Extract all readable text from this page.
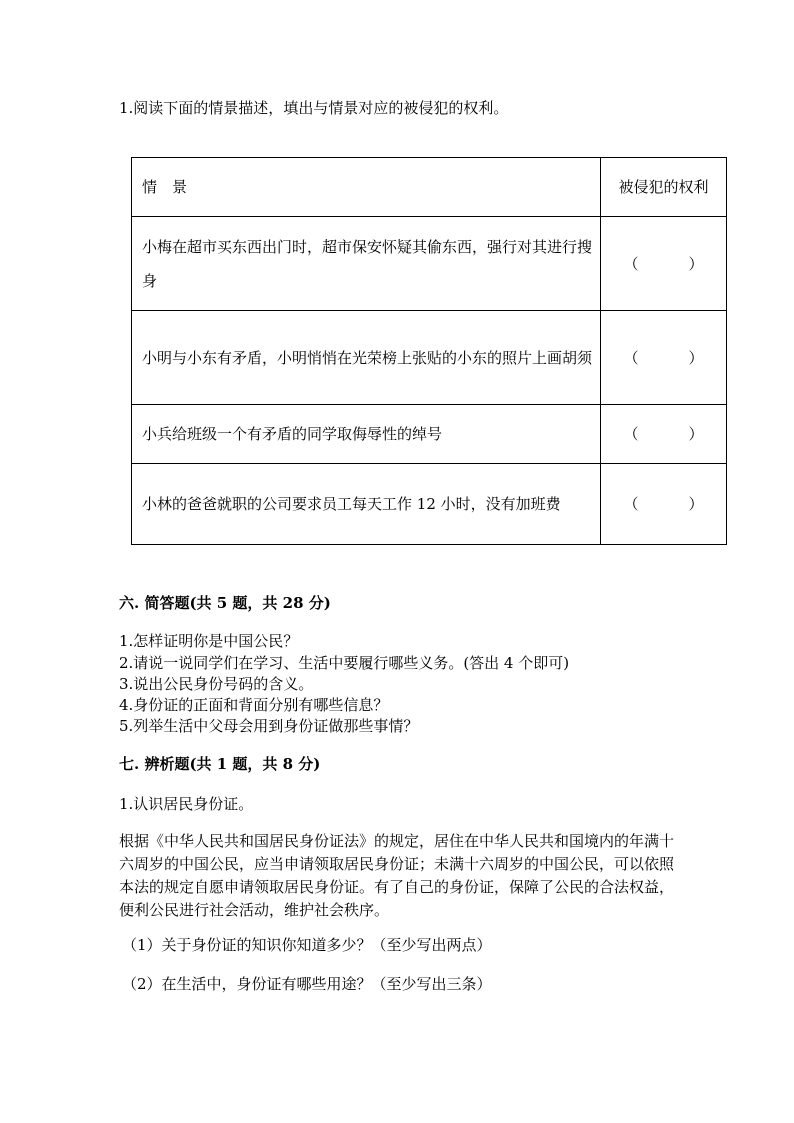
1.阅读下面的情景描述，填出与情景对应的被侵犯的权利。
情　景	被侵犯的权利
小梅在超市买东西出门时，超市保安怀疑其偷东西，强行对其进行搜身	（ ）

小明与小东有矛盾，小明悄悄在光荣榜上张贴的小东的照片上画胡须	（ ）

小兵给班级一个有矛盾的同学取侮辱性的绰号	（ ）

小林的爸爸就职的公司要求员工每天工作 12 小时，没有加班费	（ ）
六. 简答题(共 5 题，共 28 分)
1.怎样证明你是中国公民？
2.请说一说同学们在学习、生活中要履行哪些义务。(答出 4 个即可)
3.说出公民身份号码的含义。
4.身份证的正面和背面分别有哪些信息？
5.列举生活中父母会用到身份证做那些事情？
七. 辨析题(共 1 题，共 8 分)
1.认识居民身份证。
根据《中华人民共和国居民身份证法》的规定，居住在中华人民共和国境内的年满十六周岁的中国公民，应当申请领取居民身份证；未满十六周岁的中国公民，可以依照本法的规定自愿申请领取居民身份证。有了自己的身份证，保障了公民的合法权益，便利公民进行社会活动，维护社会秩序。
（1）关于身份证的知识你知道多少？（至少写出两点）
（2）在生活中，身份证有哪些用途？（至少写出三条）
